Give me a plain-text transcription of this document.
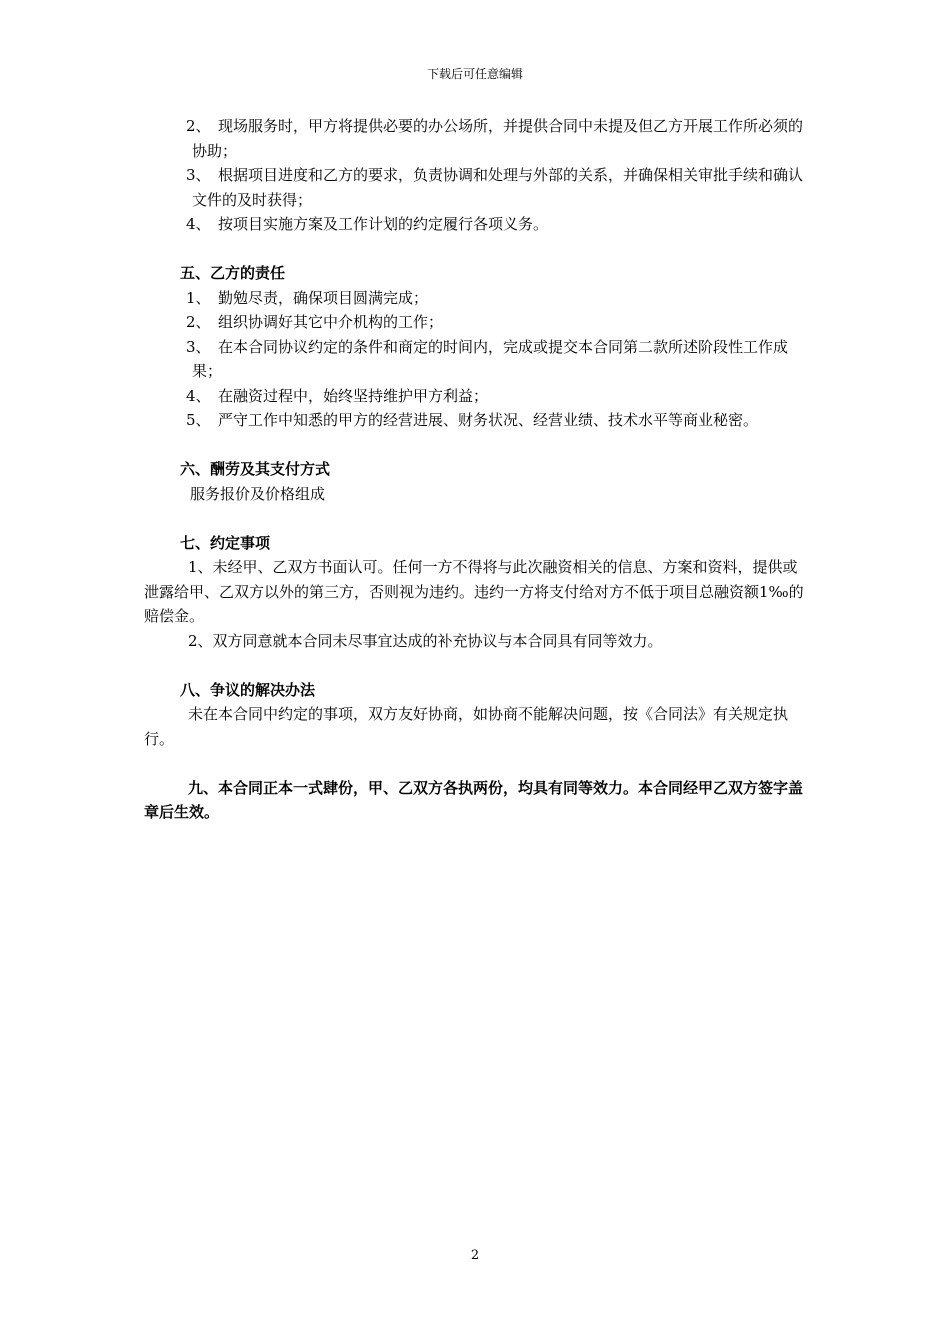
下载后可任意编辑
2、 现场服务时，甲方将提供必要的办公场所，并提供合同中未提及但乙方开展工作所必须的协助；
3、 根据项目进度和乙方的要求，负责协调和处理与外部的关系，并确保相关审批手续和确认文件的及时获得；
4、 按项目实施方案及工作计划的约定履行各项义务。

五、乙方的责任

1、 勤勉尽责，确保项目圆满完成；
2、 组织协调好其它中介机构的工作；
3、 在本合同协议约定的条件和商定的时间内，完成或提交本合同第二款所述阶段性工作成果；
4、 在融资过程中，始终坚持维护甲方利益；
5、 严守工作中知悉的甲方的经营进展、财务状况、经营业绩、技术水平等商业秘密。

六、酬劳及其支付方式

服务报价及价格组成

七、约定事项

1、未经甲、乙双方书面认可。任何一方不得将与此次融资相关的信息、方案和资料，提供或泄露给甲、乙双方以外的第三方，否则视为违约。违约一方将支付给对方不低于项目总融资额1‰的赔偿金。

2、双方同意就本合同未尽事宜达成的补充协议与本合同具有同等效力。

八、争议的解决办法

未在本合同中约定的事项，双方友好协商，如协商不能解决问题，按《合同法》有关规定执行。

九、本合同正本一式肆份，甲、乙双方各执两份，均具有同等效力。本合同经甲乙双方签字盖章后生效。

2
